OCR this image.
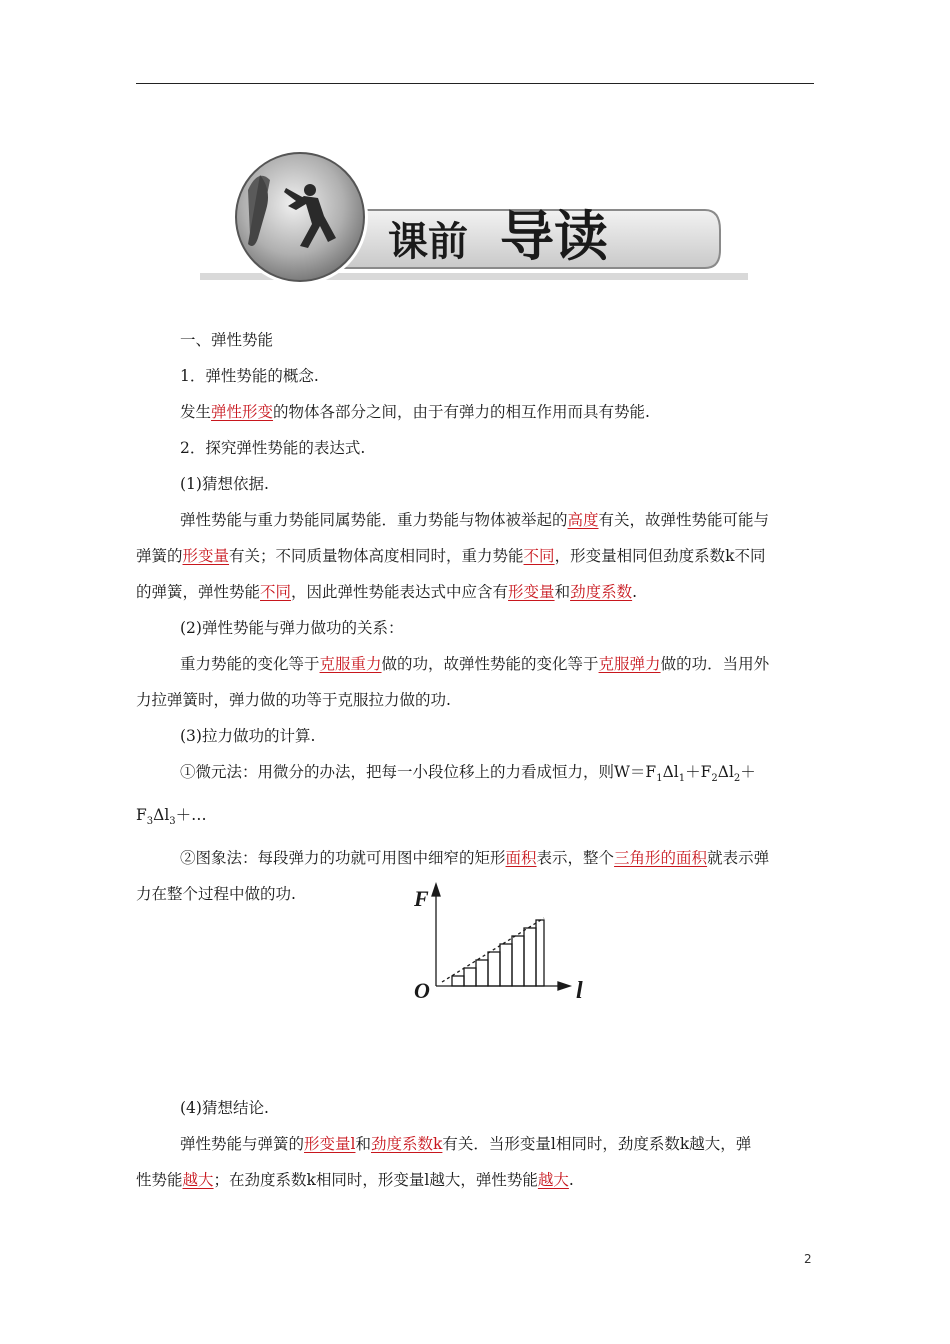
课前 导读

一、弹性势能

1．弹性势能的概念.

发生弹性形变的物体各部分之间，由于有弹力的相互作用而具有势能.

2．探究弹性势能的表达式.

(1)猜想依据.

弹性势能与重力势能同属势能．重力势能与物体被举起的高度有关，故弹性势能可能与

弹簧的形变量有关；不同质量物体高度相同时，重力势能不同，形变量相同但劲度系数k不同

的弹簧，弹性势能不同，因此弹性势能表达式中应含有形变量和劲度系数.

(2)弹性势能与弹力做功的关系：

重力势能的变化等于克服重力做的功，故弹性势能的变化等于克服弹力做的功．当用外

力拉弹簧时，弹力做的功等于克服拉力做的功.

(3)拉力做功的计算.

①微元法：用微分的办法，把每一小段位移上的力看成恒力，则$W=F_1\Delta l_1+F_2\Delta l_2+$

$F_3\Delta l_3+\dots$

②图象法：每段弹力的功就可用图中细窄的矩形面积表示，整个三角形的面积就表示弹

力在整个过程中做的功.

(4)猜想结论.

弹性势能与弹簧的形变量l和劲度系数k有关．当形变量l相同时，劲度系数k越大，弹

性势能越大；在劲度系数k相同时，形变量l越大，弹性势能越大.

F
O	l
2
